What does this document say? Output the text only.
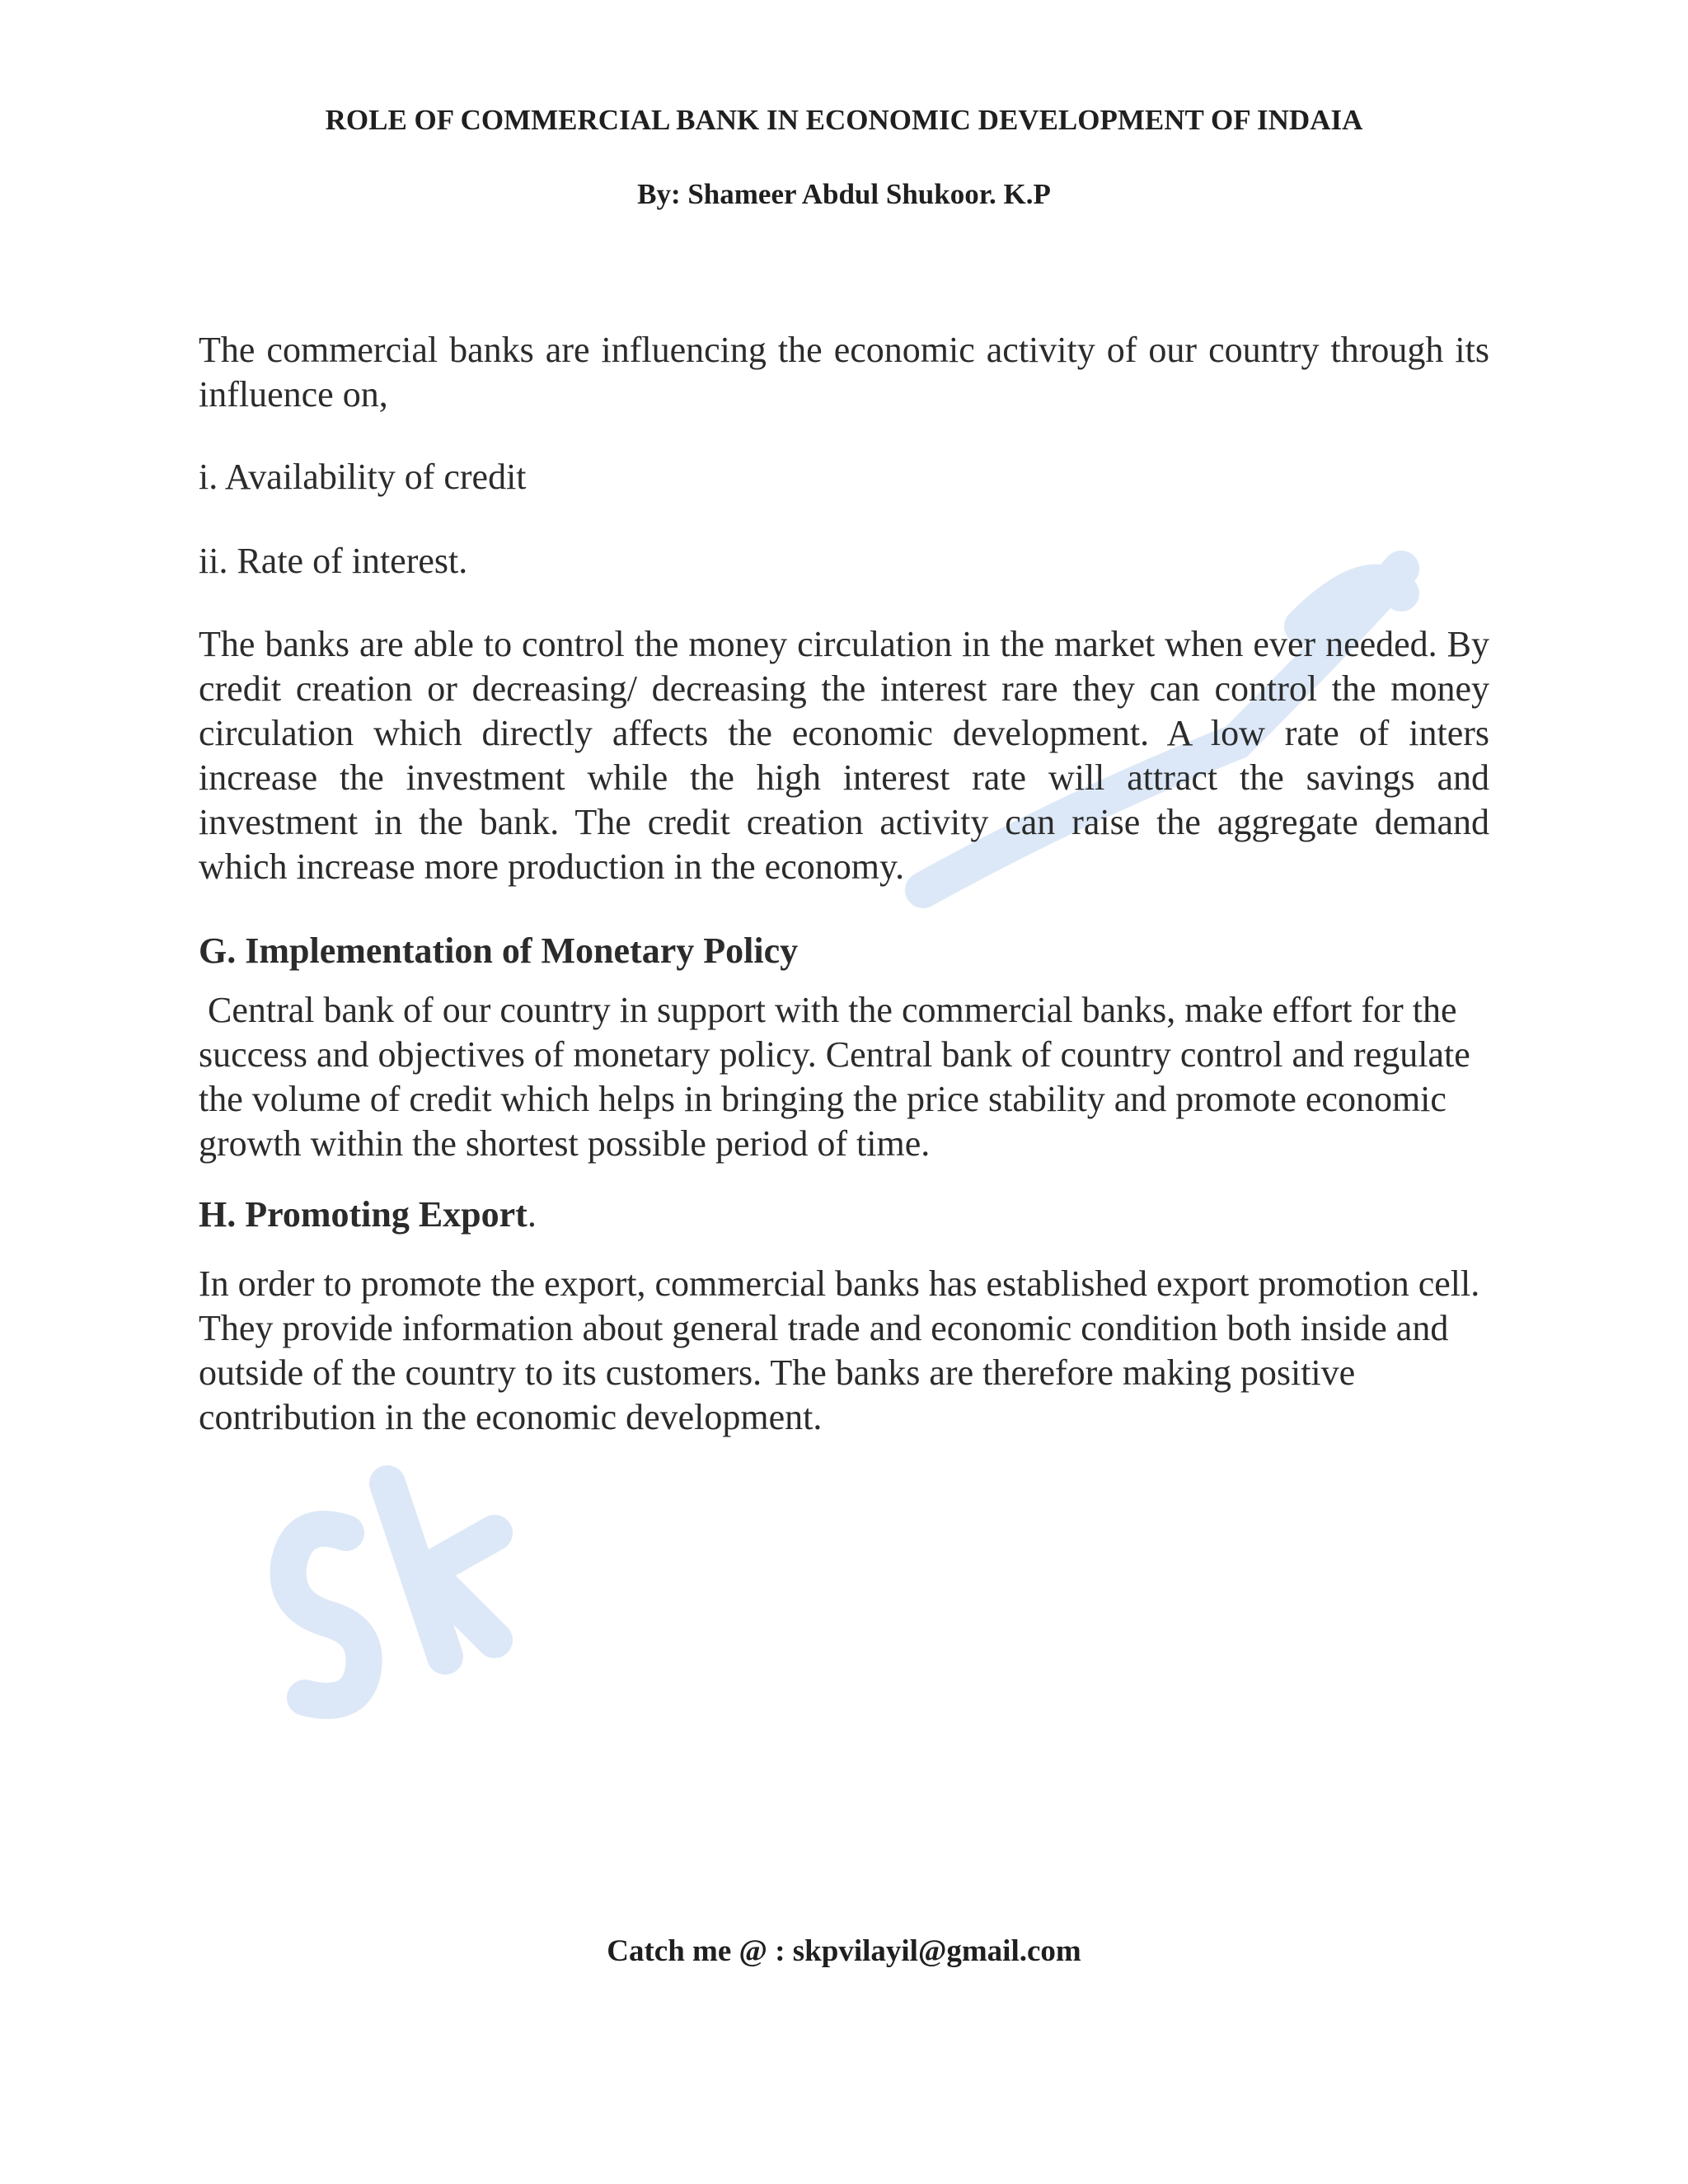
ROLE OF COMMERCIAL BANK IN ECONOMIC DEVELOPMENT OF INDAIA

By: Shameer Abdul Shukoor. K.P

The commercial banks are influencing the economic activity of our country through its influence on,

i. Availability of credit

ii. Rate of interest.

The banks are able to control the money circulation in the market when ever needed. By credit creation or decreasing/ decreasing the interest rare they can control the money circulation which directly affects the economic development. A low rate of inters increase the investment while the high interest rate will attract the savings and investment in the bank. The credit creation activity can raise the aggregate demand which increase more production in the economy.

G. Implementation of Monetary Policy

Central bank of our country in support with the commercial banks, make effort for the success and objectives of monetary policy. Central bank of country control and regulate the volume of credit which helps in bringing the price stability and promote economic growth within the shortest possible period of time.

H. Promoting Export.

In order to promote the export, commercial banks has established export promotion cell. They provide information about general trade and economic condition both inside and outside of the country to its customers. The banks are therefore making positive contribution in the economic development.

Catch me @ : skpvilayil@gmail.com
